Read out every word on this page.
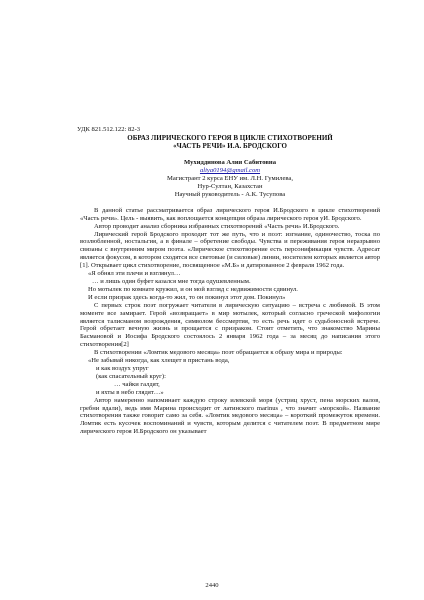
УДК 821.512.122: 82-3
ОБРАЗ ЛИРИЧЕСКОГО ГЕРОЯ В ЦИКЛЕ СТИХОТВОРЕНИЙ
«ЧАСТЬ РЕЧИ» И.А. БРОДСКОГО
Мухиддинова Алия Сабитовна
aliya0194@gmail.com
Магистрант 2 курса ЕНУ им. Л.Н. Гумилева,
Нур-Султан, Казахстан
Научный руководитель - А.К. Тусупова

В данной статье рассматривается образ лирического героя И.Бродского в цикле стихотворений «Часть речи». Цель - выявить, как воплощается концепция образа лирического героя уИ. Бродского.

Автор проводит анализ сборника избранных стихотворений «Часть речи» И.Бродского.

Лирический герой Бродского проходит тот же путь, что и поэт: изгнание, одиночество, тоска по возлюбленной, ностальгия, а в финале – обретение свободы. Чувства и переживания героя неразрывно связаны с внутренним миром поэта. «Лирическое стихотворение есть персонификация чувств. Адресат является фокусом, в котором сходятся все световые (и силовые) линии, носителем которых является автор [1]. Открывает цикл стихотворение, посвященное «М.Б» и датированное 2 февраля 1962 года.

«Я обнял эти плечи и взглянул…
… и лишь один буфет казался мне тогда одушевленным.
Но мотылек по комнате кружил, и он мой взгляд с недвижимости сдвинул.
И если призрак здесь когда-то жил, то он покинул этот дом. Покинул»

С первых строк поэт погружает читателя в лирическую ситуацию – встреча с любимой. В этом моменте все замирает. Герой «возвращает» в мир мотылек, который согласно греческой мифологии является талисманом возрождения, символом бессмертия, то есть речь идет о судьбоносной встрече. Герой обретает вечную жизнь и прощается с призраком. Стоит отметить, что знакомство Марины Басмановой и Иосифа Бродского состоялось 2 января 1962 года – за месяц до написания этого стихотворения[2]

В стихотворении «Ломтик медового месяца» поэт обращается к образу мира и природы:

«Не забывай никогда, как хлещет в пристань вода,
и как воздух упруг
(как спасательный круг):
… чайки галдят,
и яхты в небо глядят…»

Автор намеренно напоминает каждую строку илевской моря (устриц хруст, пена морских валов, гребни вдали), ведь имя Марина происходит от латинского marinus , что значит «морской». Название стихотворения также говорит само за себя. «Ломтик медового месяца» – короткий промежуток времени. Ломтик есть кусочек воспоминаний и чувств, которым делится с читателем поэт. В предметном мире лирического героя И.Бродского он указывает

2440
